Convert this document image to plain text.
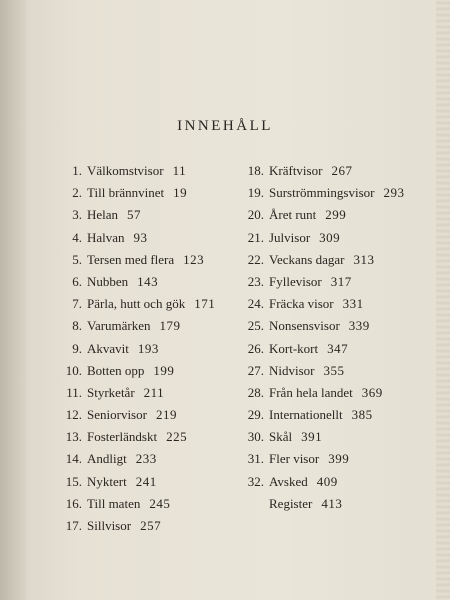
INNEHÅLL
1. Välkomstvisor 11
2. Till brännvinet 19
3. Helan 57
4. Halvan 93
5. Tersen med flera 123
6. Nubben 143
7. Pärla, hutt och gök 171
8. Varumärken 179
9. Akvavit 193
10. Botten opp 199
11. Styrketår 211
12. Seniorvisor 219
13. Fosterländskt 225
14. Andligt 233
15. Nyktert 241
16. Till maten 245
17. Sillvisor 257
18. Kräftvisor 267
19. Surströmmingsvisor 293
20. Året runt 299
21. Julvisor 309
22. Veckans dagar 313
23. Fyllevisor 317
24. Fräcka visor 331
25. Nonsensvisor 339
26. Kort-kort 347
27. Nidvisor 355
28. Från hela landet 369
29. Internationellt 385
30. Skål 391
31. Fler visor 399
32. Avsked 409
Register 413
